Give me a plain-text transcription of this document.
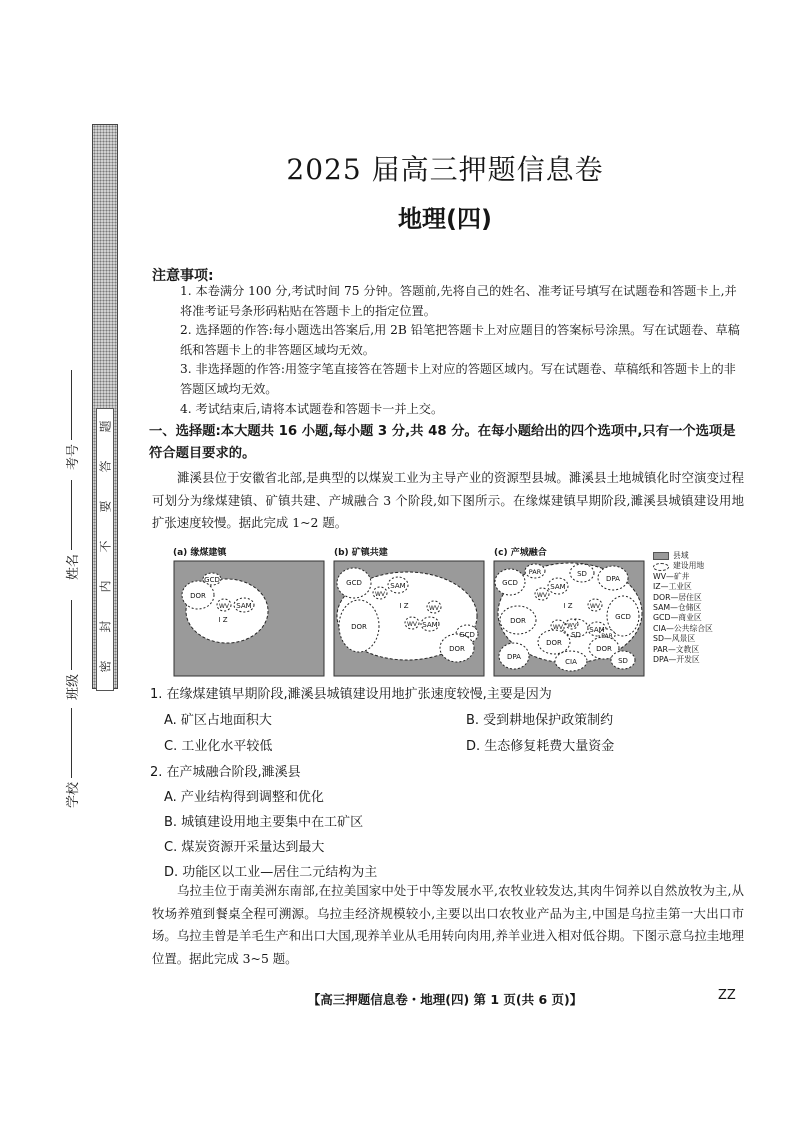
题
答
要
不
内
封
密
考号
姓名
班级
学校
2025 届高三押题信息卷
地理(四)
注意事项:
1. 本卷满分 100 分,考试时间 75 分钟。答题前,先将自己的姓名、准考证号填写在试题卷和答题卡上,并将准考证号条形码粘贴在答题卡上的指定位置。
2. 选择题的作答:每小题选出答案后,用 2B 铅笔把答题卡上对应题目的答案标号涂黑。写在试题卷、草稿纸和答题卡上的非答题区域均无效。
3. 非选择题的作答:用签字笔直接答在答题卡上对应的答题区域内。写在试题卷、草稿纸和答题卡上的非答题区域均无效。
4. 考试结束后,请将本试题卷和答题卡一并上交。
一、选择题:本大题共 16 小题,每小题 3 分,共 48 分。在每小题给出的四个选项中,只有一个选项是符合题目要求的。
濉溪县位于安徽省北部,是典型的以煤炭工业为主导产业的资源型县城。濉溪县土地城镇化时空演变过程可划分为缘煤建镇、矿镇共建、产城融合 3 个阶段,如下图所示。在缘煤建镇早期阶段,濉溪县城镇建设用地扩张速度较慢。据此完成 1~2 题。
(a) 缘煤建镇	(b) 矿镇共建	(c) 产城融合
GCD
DOR
WV SAM
I Z
GCD	SAM
WV
I Z	WV
DOR	WV SAM
GCD
DOR
PAR	SD
DPA
GCD	SAM
WV
I Z	WV
DOR	GCD
WV
SD
WV SAM
DOR
PAR
DOR
DPA
CIA	SD
县域
建设用地
WV—矿井
IZ—工业区
DOR—居住区
SAM—仓储区
GCD—商业区
CIA—公共综合区
SD—风景区
PAR—文教区
DPA—开发区
1. 在缘煤建镇早期阶段,濉溪县城镇建设用地扩张速度较慢,主要是因为
A. 矿区占地面积大	B. 受到耕地保护政策制约
C. 工业化水平较低	D. 生态修复耗费大量资金
2. 在产城融合阶段,濉溪县
A. 产业结构得到调整和优化
B. 城镇建设用地主要集中在工矿区
C. 煤炭资源开采量达到最大
D. 功能区以工业—居住二元结构为主
乌拉圭位于南美洲东南部,在拉美国家中处于中等发展水平,农牧业较发达,其肉牛饲养以自然放牧为主,从牧场养殖到餐桌全程可溯源。乌拉圭经济规模较小,主要以出口农牧业产品为主,中国是乌拉圭第一大出口市场。乌拉圭曾是羊毛生产和出口大国,现养羊业从毛用转向肉用,养羊业进入相对低谷期。下图示意乌拉圭地理位置。据此完成 3~5 题。
【高三押题信息卷・地理(四) 第 1 页(共 6 页)】	ZZ
